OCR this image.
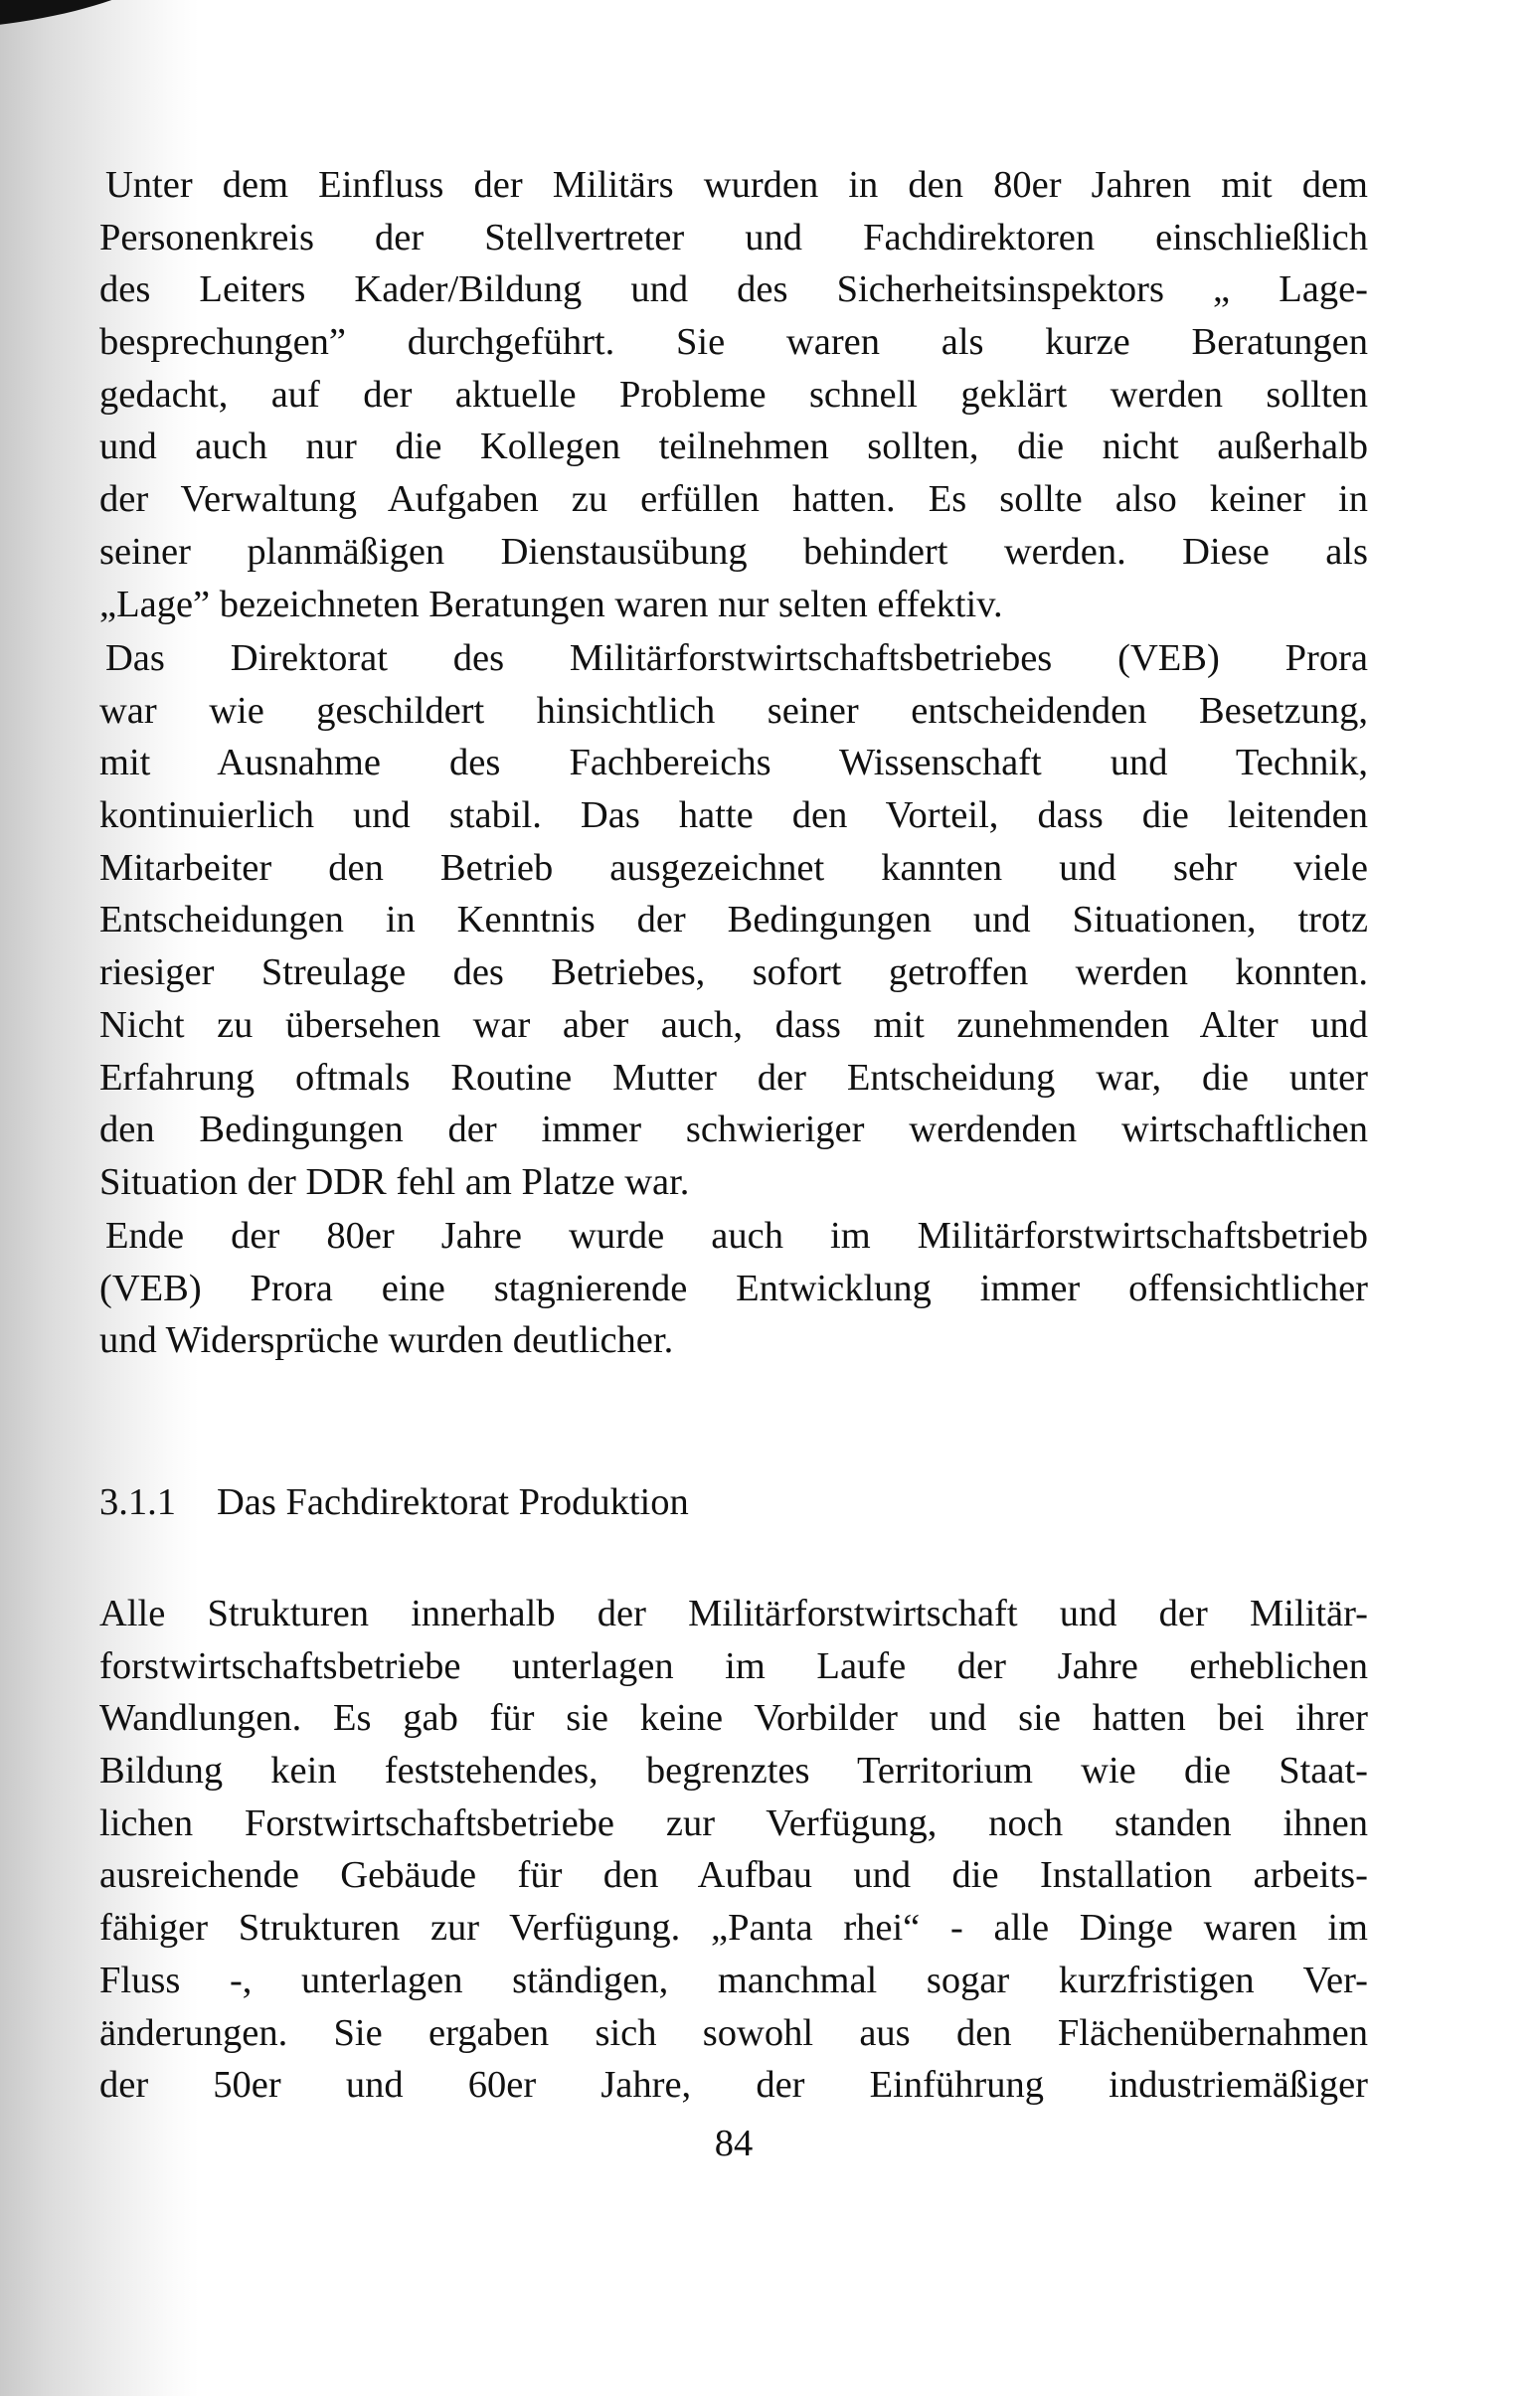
Unter dem Einfluss der Militärs wurden in den 80er Jahren mit dem
Personenkreis der Stellvertreter und Fachdirektoren einschließlich
des Leiters Kader/Bildung und des Sicherheitsinspektors „ Lage-
besprechungen” durchgeführt. Sie waren als kurze Beratungen
gedacht, auf der aktuelle Probleme schnell geklärt werden sollten
und auch nur die Kollegen teilnehmen sollten, die nicht außerhalb
der Verwaltung Aufgaben zu erfüllen hatten. Es sollte also keiner in
seiner planmäßigen Dienstausübung behindert werden. Diese als
„Lage” bezeichneten Beratungen waren nur selten effektiv.
Das Direktorat des Militärforstwirtschaftsbetriebes (VEB) Prora
war wie geschildert hinsichtlich seiner entscheidenden Besetzung,
mit Ausnahme des Fachbereichs Wissenschaft und Technik,
kontinuierlich und stabil. Das hatte den Vorteil, dass die leitenden
Mitarbeiter den Betrieb ausgezeichnet kannten und sehr viele
Entscheidungen in Kenntnis der Bedingungen und Situationen, trotz
riesiger Streulage des Betriebes, sofort getroffen werden konnten.
Nicht zu übersehen war aber auch, dass mit zunehmenden Alter und
Erfahrung oftmals Routine Mutter der Entscheidung war, die unter
den Bedingungen der immer schwieriger werdenden wirtschaftlichen
Situation der DDR fehl am Platze war.
Ende der 80er Jahre wurde auch im Militärforstwirtschaftsbetrieb
(VEB) Prora eine stagnierende Entwicklung immer offensichtlicher
und Widersprüche wurden deutlicher.
3.1.1 Das Fachdirektorat Produktion
Alle Strukturen innerhalb der Militärforstwirtschaft und der Militär-
forstwirtschaftsbetriebe unterlagen im Laufe der Jahre erheblichen
Wandlungen. Es gab für sie keine Vorbilder und sie hatten bei ihrer
Bildung kein feststehendes, begrenztes Territorium wie die Staat-
lichen Forstwirtschaftsbetriebe zur Verfügung, noch standen ihnen
ausreichende Gebäude für den Aufbau und die Installation arbeits-
fähiger Strukturen zur Verfügung. „Panta rhei“ - alle Dinge waren im
Fluss -, unterlagen ständigen, manchmal sogar kurzfristigen Ver-
änderungen. Sie ergaben sich sowohl aus den Flächenübernahmen
der 50er und 60er Jahre, der Einführung industriemäßiger
84
